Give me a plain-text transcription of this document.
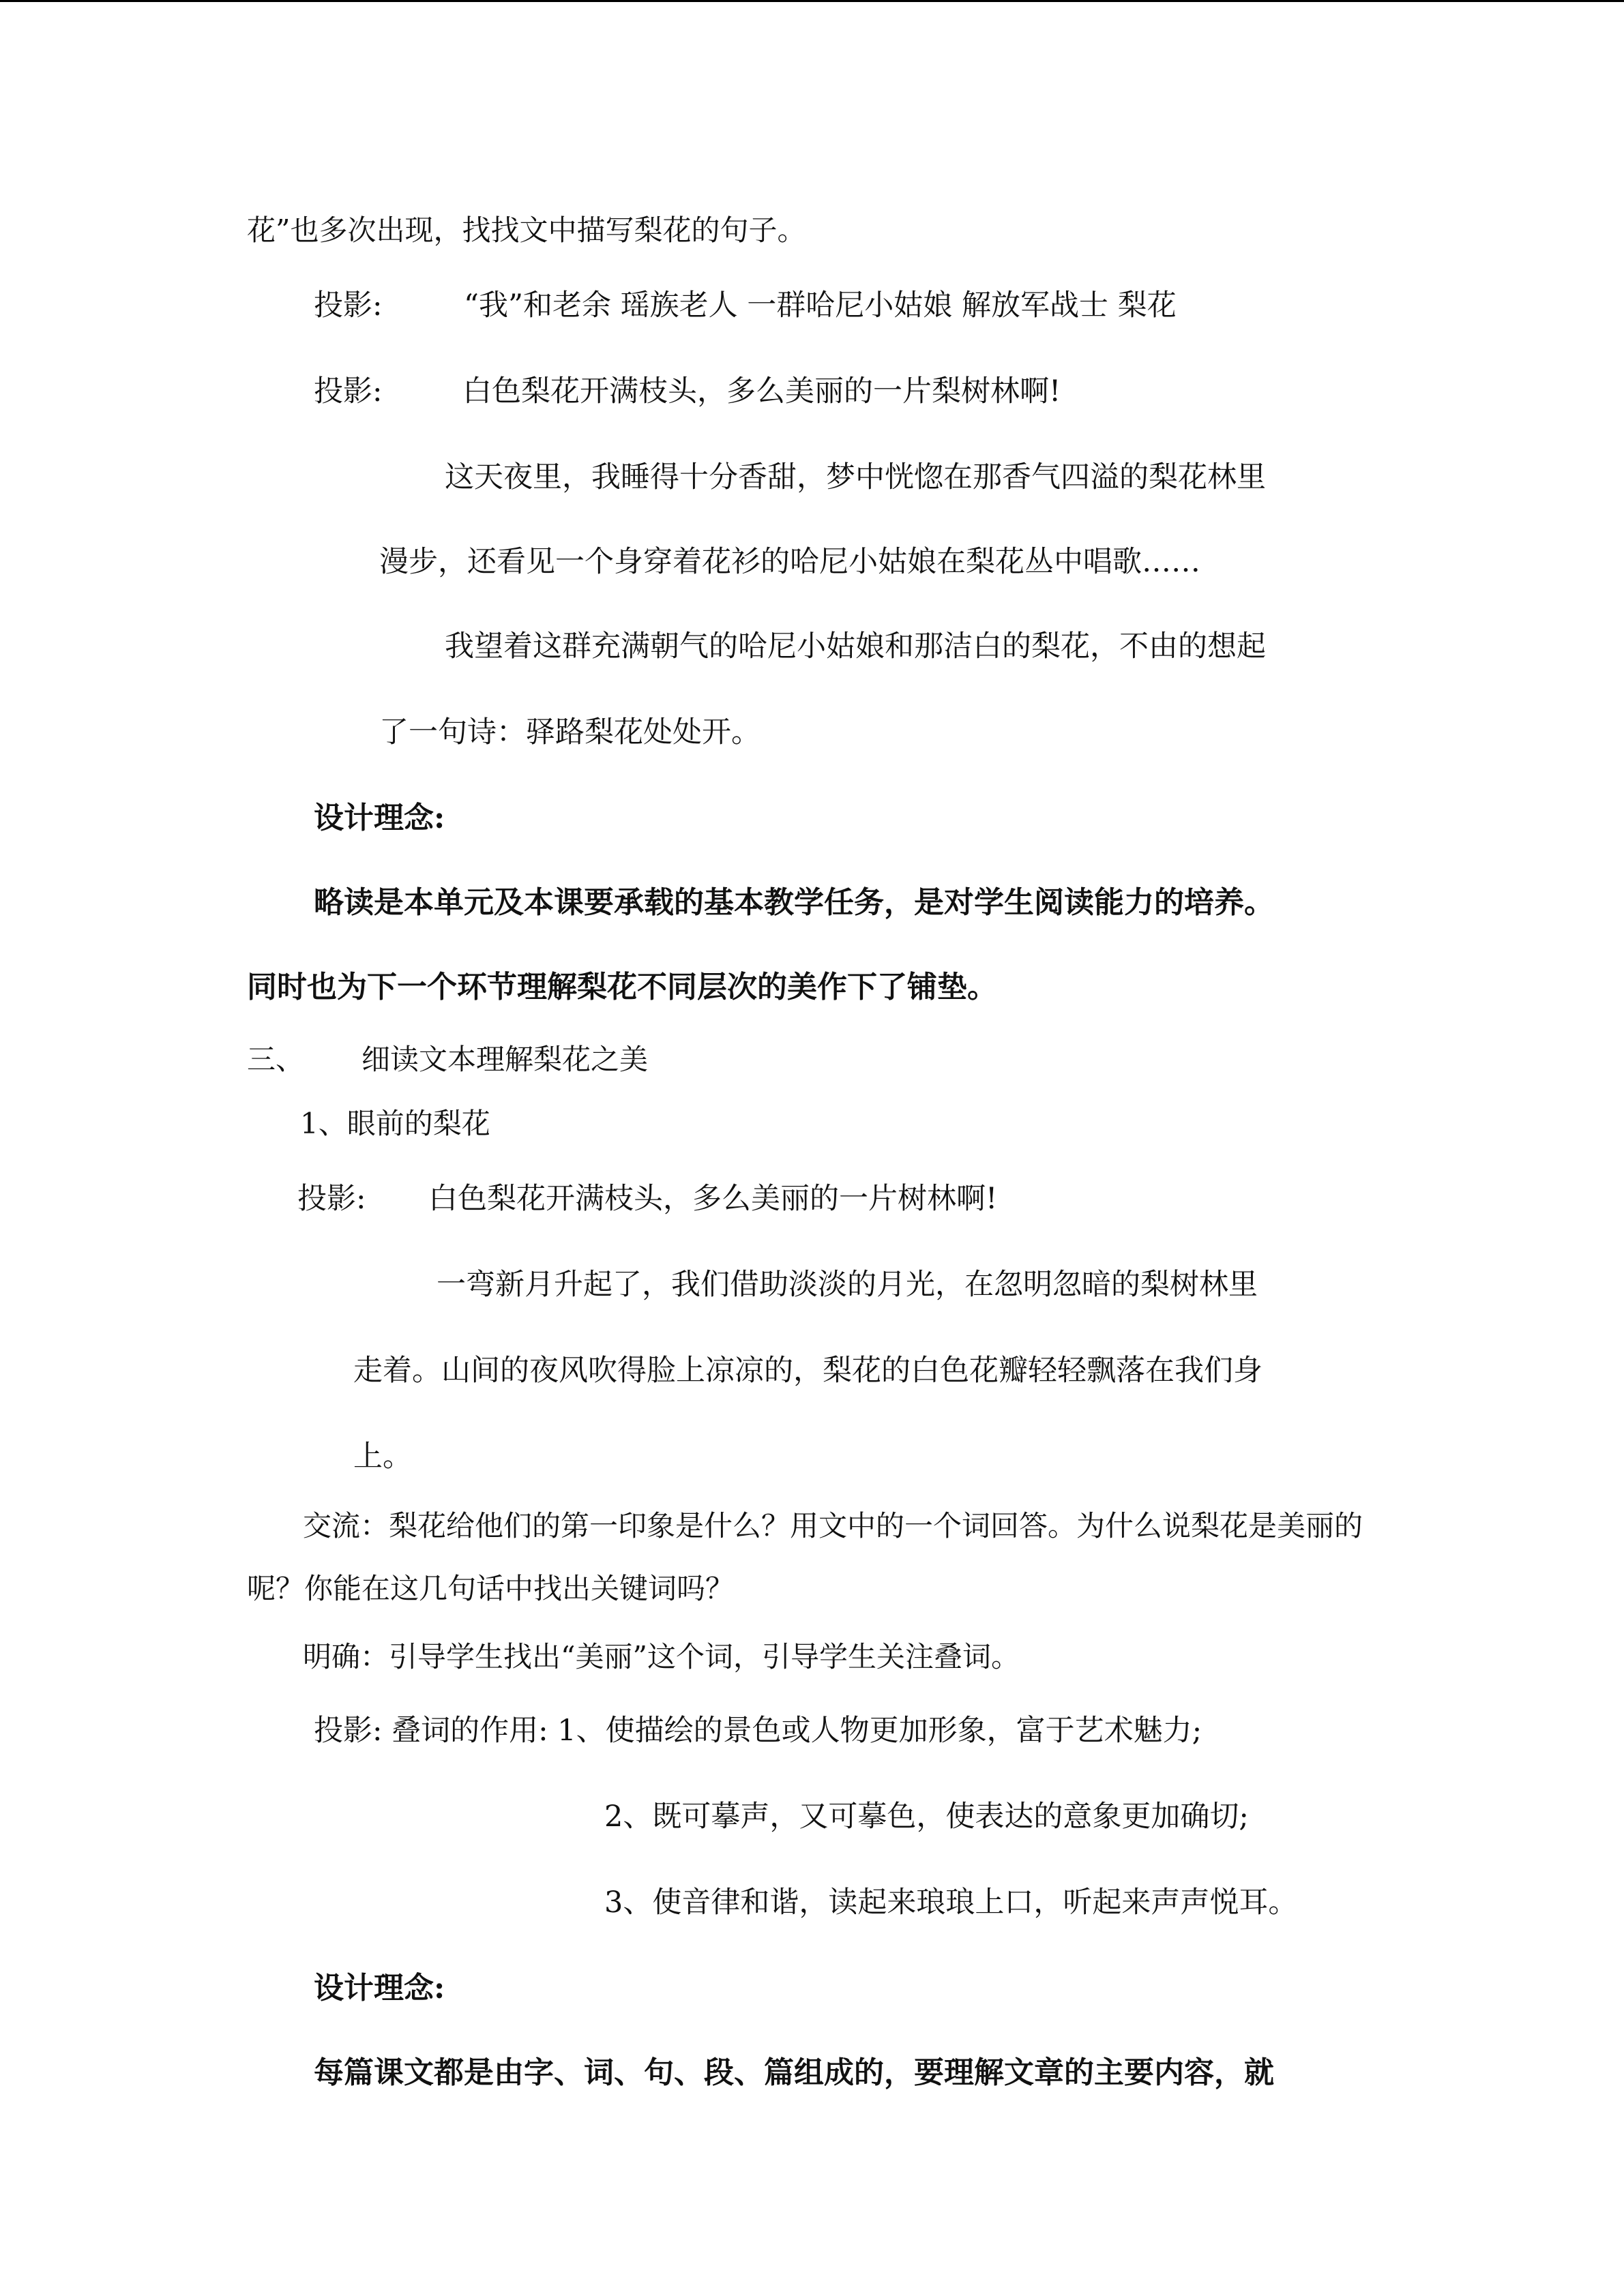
花”也多次出现，找找文中描写梨花的句子。
投影:	“我”和老余 瑶族老人 一群哈尼小姑娘 解放军战士 梨花
投影:	白色梨花开满枝头，多么美丽的一片梨树林啊!
这天夜里，我睡得十分香甜，梦中恍惚在那香气四溢的梨花林里
漫步，还看见一个身穿着花衫的哈尼小姑娘在梨花丛中唱歌……
我望着这群充满朝气的哈尼小姑娘和那洁白的梨花，不由的想起
了一句诗：驿路梨花处处开。
设计理念:
略读是本单元及本课要承载的基本教学任务，是对学生阅读能力的培养。
同时也为下一个环节理解梨花不同层次的美作下了铺垫。
三、 细读文本理解梨花之美
1、眼前的梨花
投影: 白色梨花开满枝头，多么美丽的一片树林啊!
一弯新月升起了，我们借助淡淡的月光，在忽明忽暗的梨树林里
走着。山间的夜风吹得脸上凉凉的，梨花的白色花瓣轻轻飘落在我们身
上。
交流：梨花给他们的第一印象是什么？用文中的一个词回答。为什么说梨花是美丽的
呢？你能在这几句话中找出关键词吗？
明确：引导学生找出“美丽”这个词，引导学生关注叠词。
投影: 叠词的作用: 1、使描绘的景色或人物更加形象，富于艺术魅力;
2、既可摹声，又可摹色，使表达的意象更加确切;
3、使音律和谐，读起来琅琅上口，听起来声声悦耳。
设计理念:
每篇课文都是由字、词、句、段、篇组成的，要理解文章的主要内容，就
